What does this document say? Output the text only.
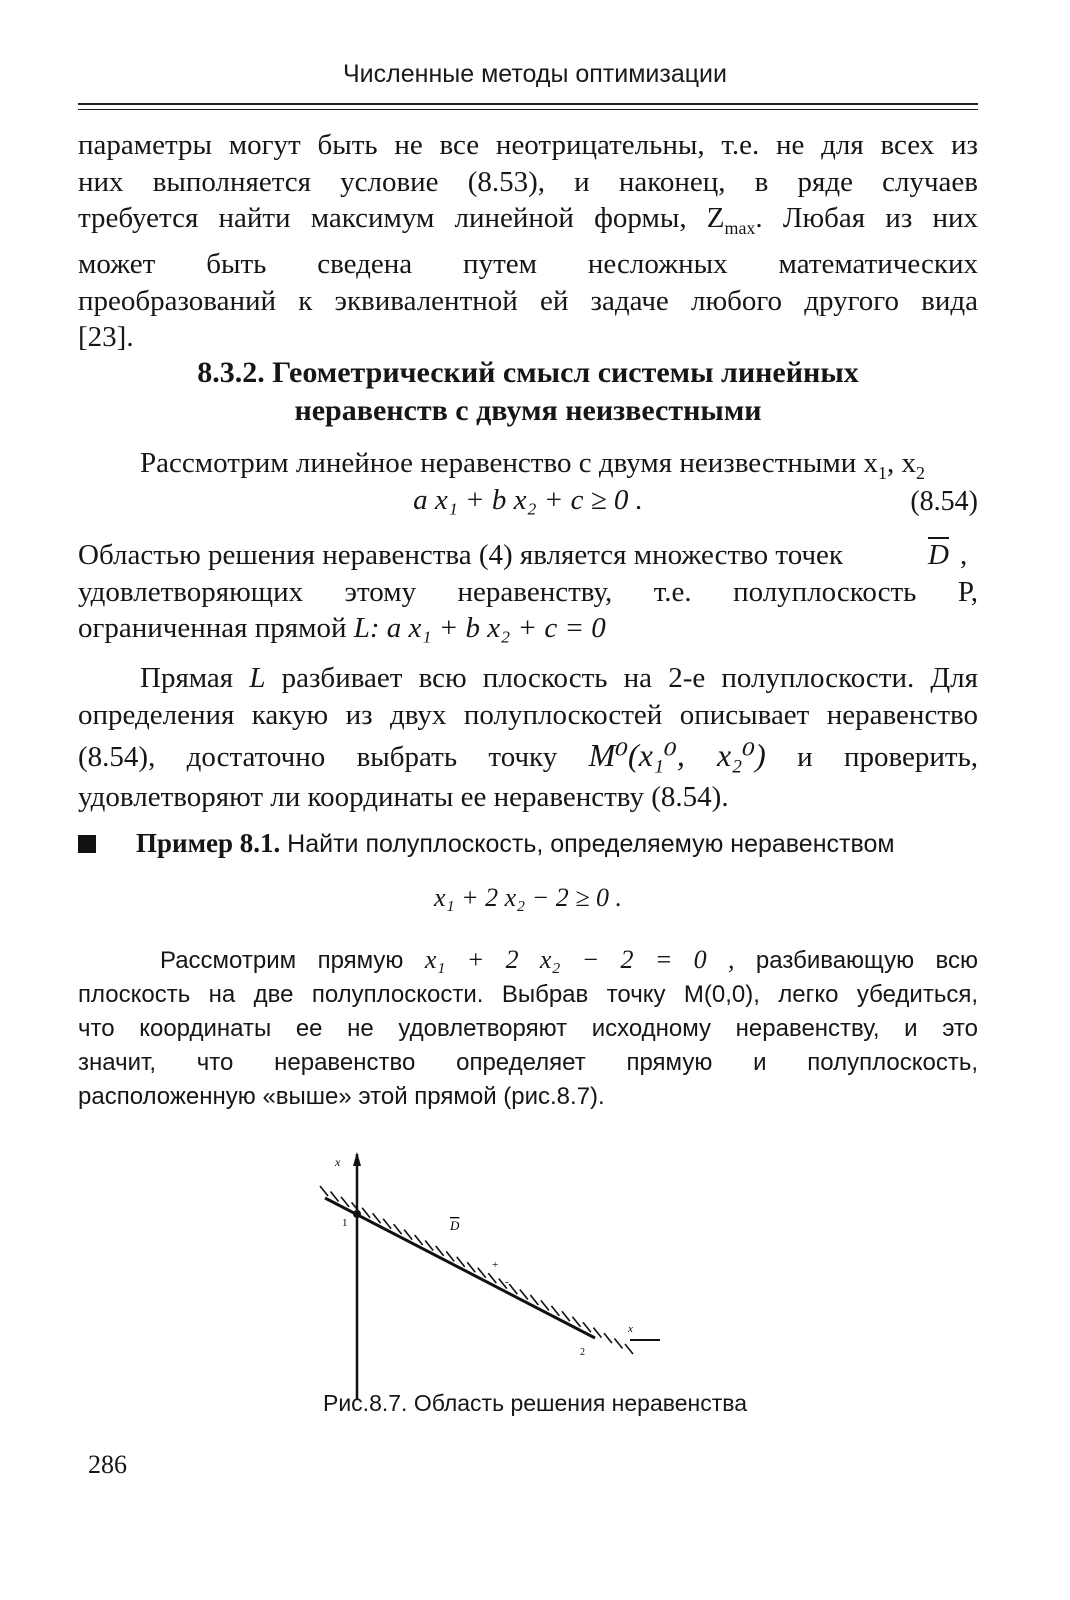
Численные методы оптимизации
параметры могут быть не все неотрицательны, т.е. не для всех из
них выполняется условие (8.53), и наконец, в ряде случаев
требуется найти максимум линейной формы, $Z_{max}$. Любая из них
может быть сведена путем несложных математических
преобразований к эквивалентной ей задаче любого другого вида
[23].
8.3.2. Геометрический смысл системы линейных
неравенств с двумя неизвестными
Рассмотрим линейное неравенство с двумя неизвестными $x_1$, $x_2$
a x₁ + b x₂ + c ≥ 0 .	(8.54)
Областью решения неравенства (4) является множество точек	$\overline{D}$ ,
удовлетворяющих этому неравенству, т.е. полуплоскость P,
ограниченная прямой L: a x₁ + b x₂ + c = 0
Прямая L разбивает всю плоскость на 2-е полуплоскости. Для
определения какую из двух полуплоскостей описывает неравенство
(8.54), достаточно выбрать точку M⁰(x₁⁰, x₂⁰) и проверить,
удовлетворяют ли координаты ее неравенству (8.54).
Пример 8.1. Найти полуплоскость, определяемую неравенством
x₁ + 2 x₂ − 2 ≥ 0 .
Рассмотрим прямую x₁ + 2 x₂ − 2 = 0 , разбивающую всю
плоскость на две полуплоскости. Выбрав точку M(0,0), легко убедиться,
что координаты ее не удовлетворяют исходному неравенству, и это
значит, что неравенство определяет прямую и полуплоскость,
расположенную «выше» этой прямой (рис.8.7).
x
x
1
2
D
+
-
Рис.8.7. Область решения неравенства
286
